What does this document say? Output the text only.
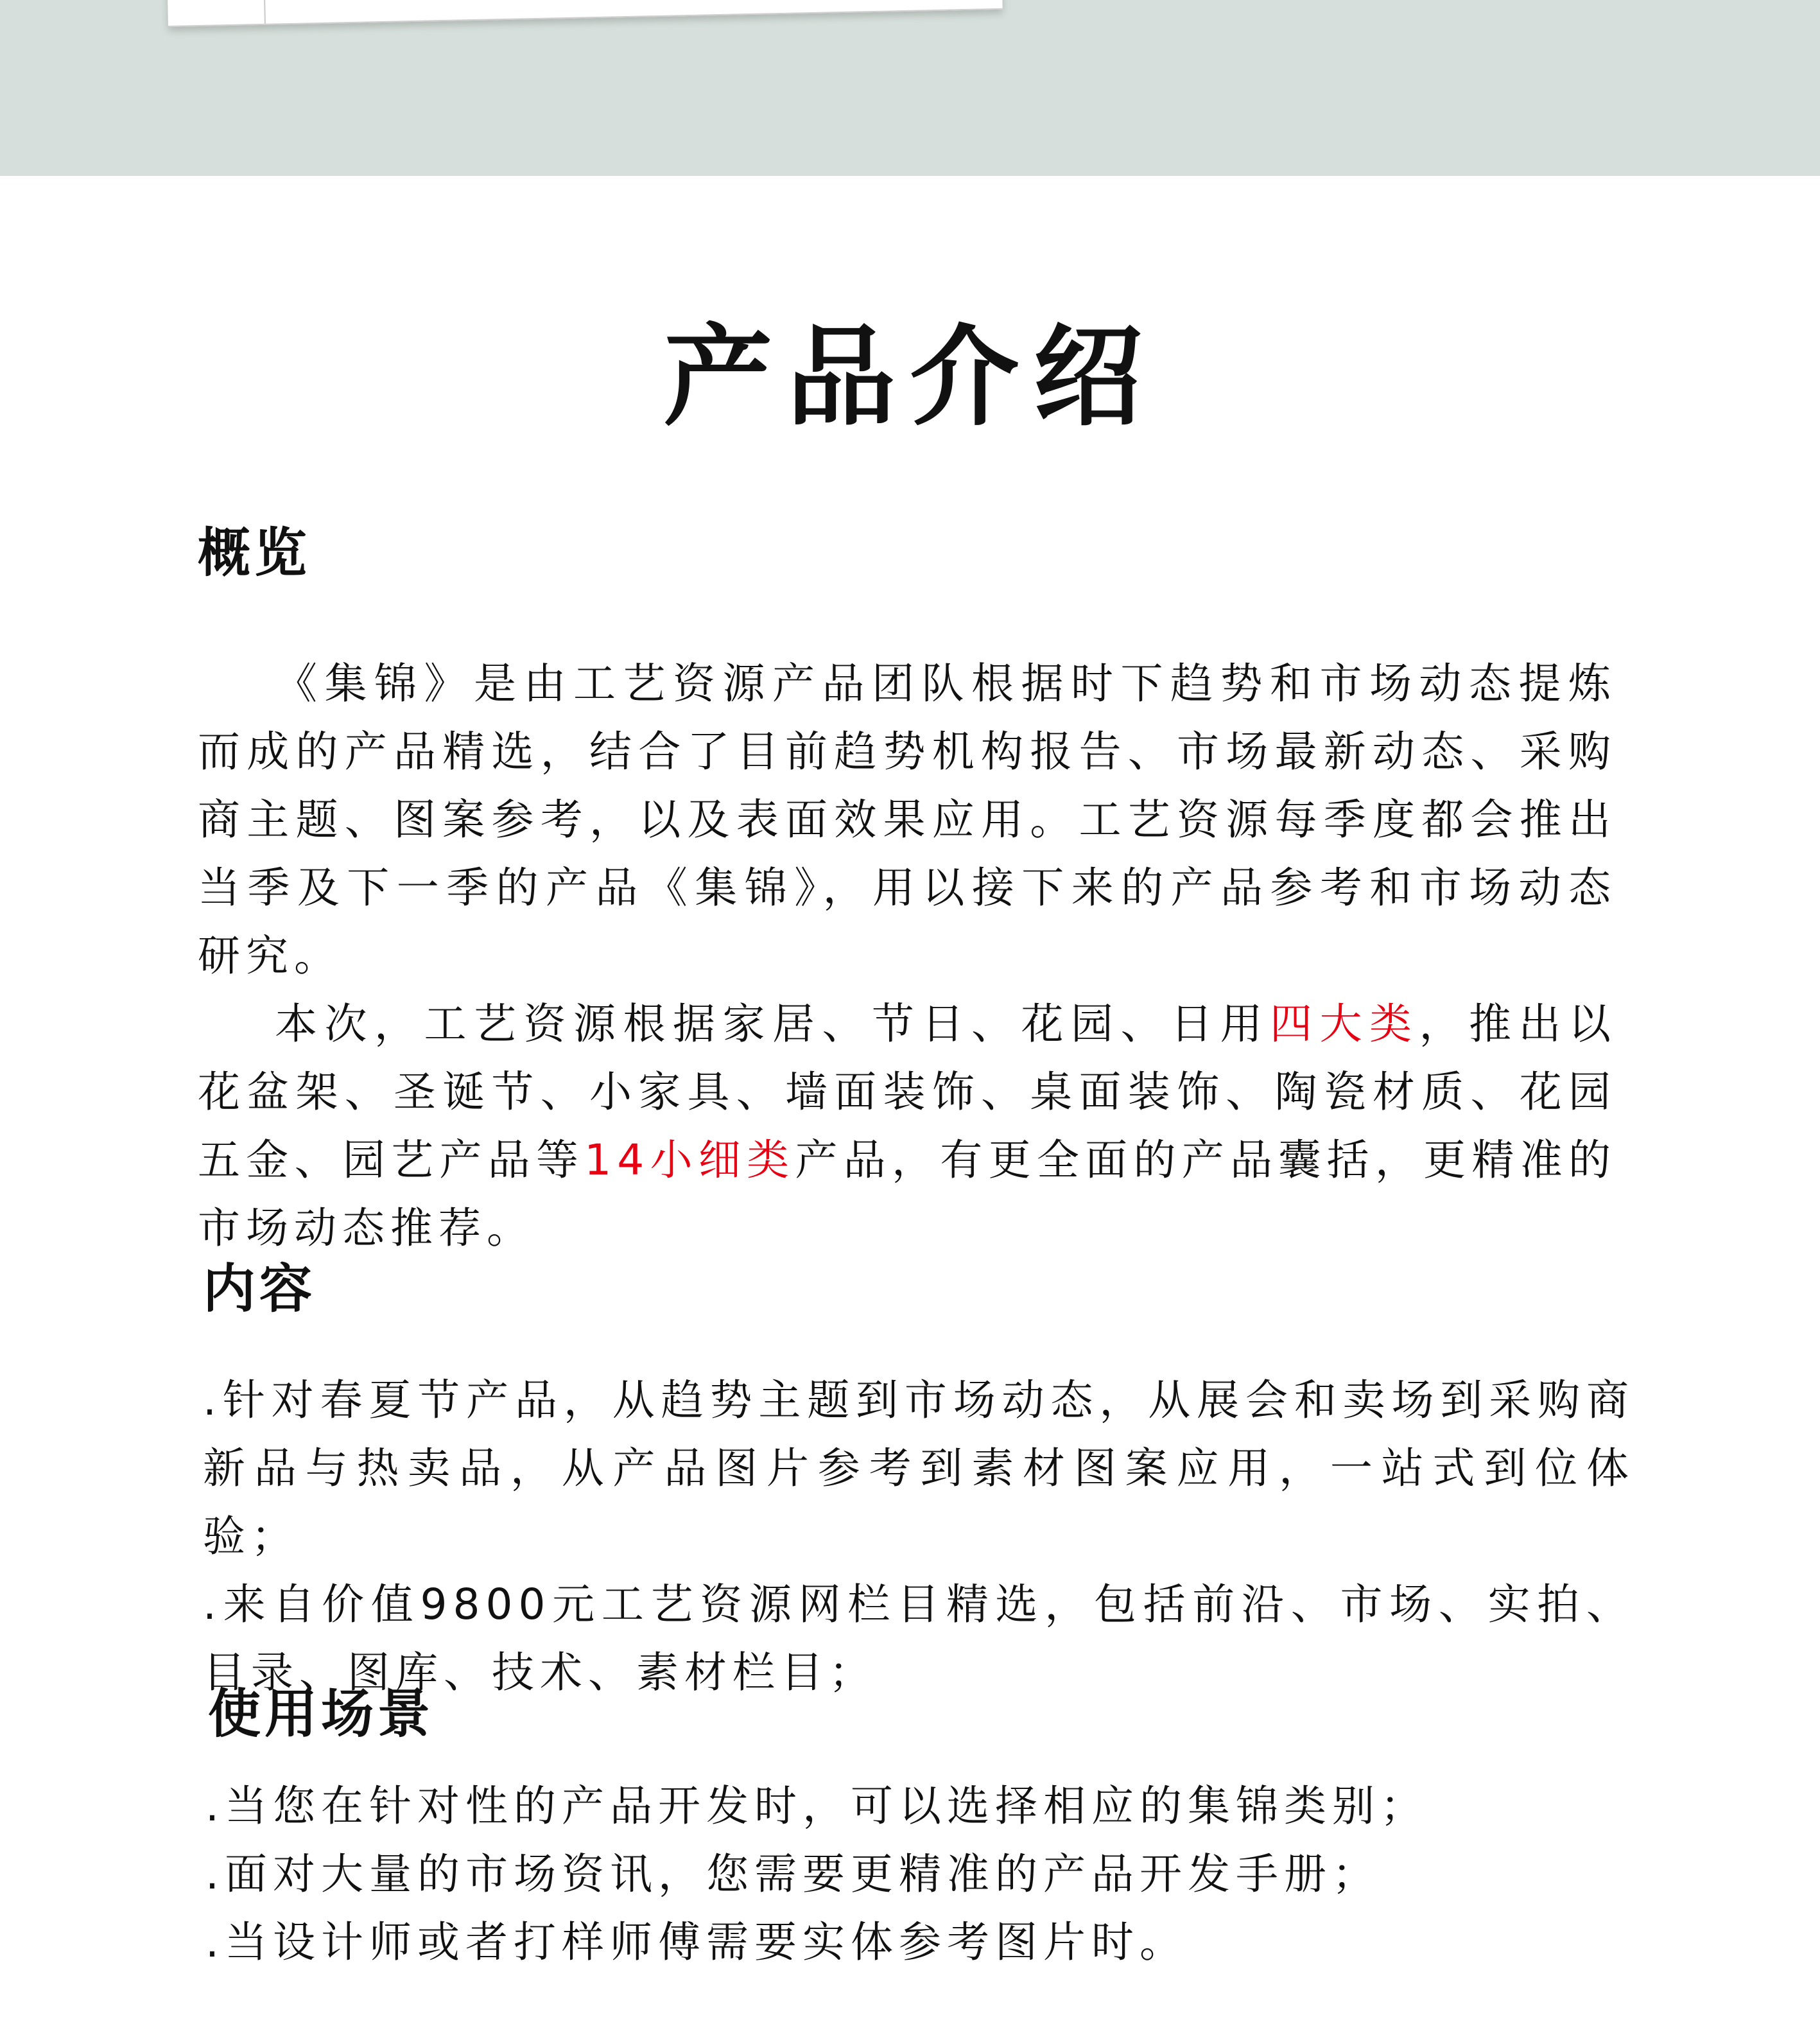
产品介绍
概览

《集锦》是由工艺资源产品团队根据时下趋势和市场动态提炼而成的产品精选，结合了目前趋势机构报告、市场最新动态、采购商主题、图案参考，以及表面效果应用。工艺资源每季度都会推出当季及下一季的产品《集锦》，用以接下来的产品参考和市场动态研究。

本次，工艺资源根据家居、节日、花园、日用四大类，推出以花盆架、圣诞节、小家具、墙面装饰、桌面装饰、陶瓷材质、花园五金、园艺产品等14小细类产品，有更全面的产品囊括，更精准的市场动态推荐。

内容

.针对春夏节产品，从趋势主题到市场动态，从展会和卖场到采购商新品与热卖品，从产品图片参考到素材图案应用，一站式到位体验；

.来自价值9800元工艺资源网栏目精选，包括前沿、市场、实拍、目录、图库、技术、素材栏目；

使用场景

.当您在针对性的产品开发时，可以选择相应的集锦类别；

.面对大量的市场资讯，您需要更精准的产品开发手册；

.当设计师或者打样师傅需要实体参考图片时。
